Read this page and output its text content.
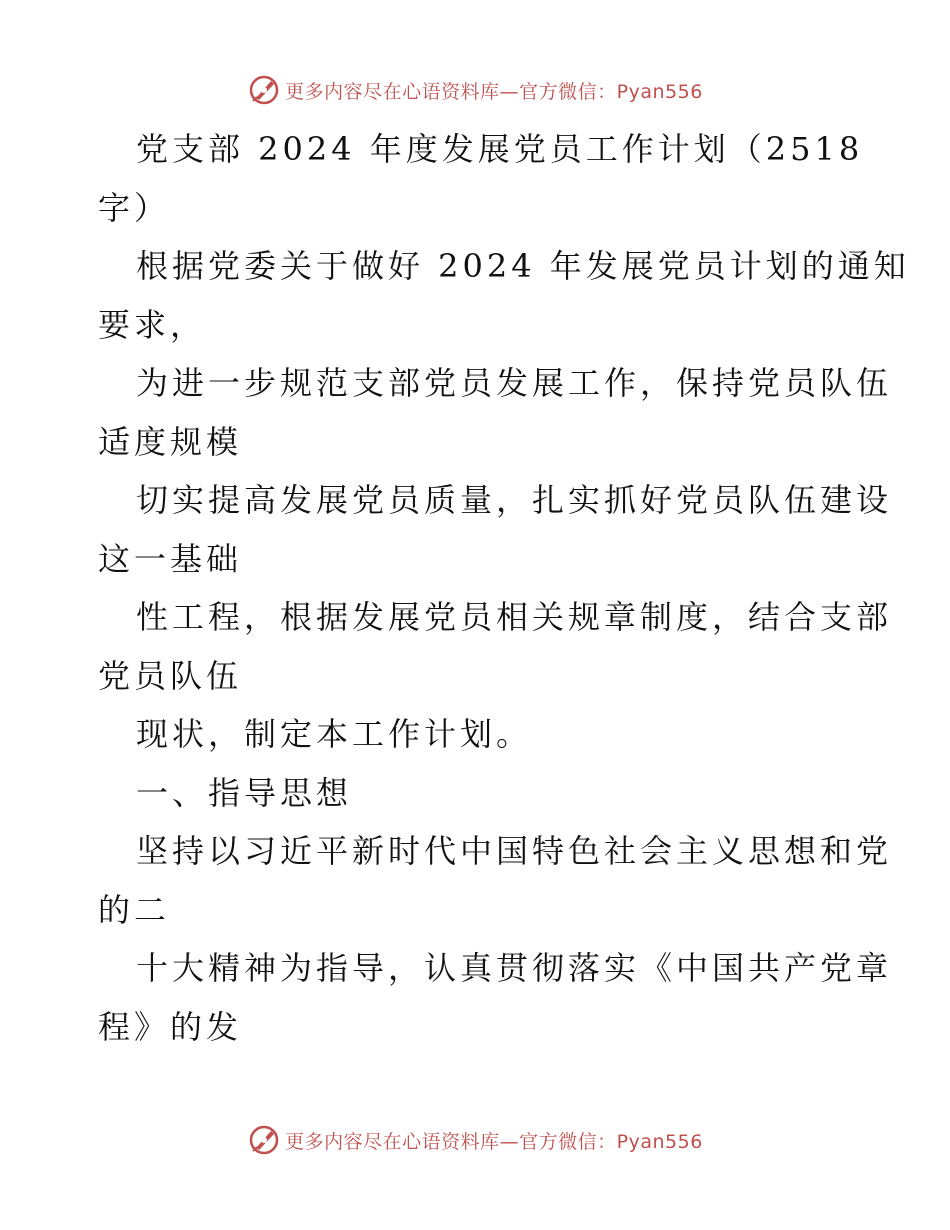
更多内容尽在心语资料库—官方微信：Pyan556
党支部 2024 年度发展党员工作计划（2518
字）
根据党委关于做好 2024 年发展党员计划的通知
要求，
为进一步规范支部党员发展工作，保持党员队伍
适度规模
切实提高发展党员质量，扎实抓好党员队伍建设
这一基础
性工程，根据发展党员相关规章制度，结合支部
党员队伍
现状，制定本工作计划。
一、指导思想
坚持以习近平新时代中国特色社会主义思想和党
的二
十大精神为指导，认真贯彻落实《中国共产党章
程》的发
更多内容尽在心语资料库—官方微信：Pyan556
